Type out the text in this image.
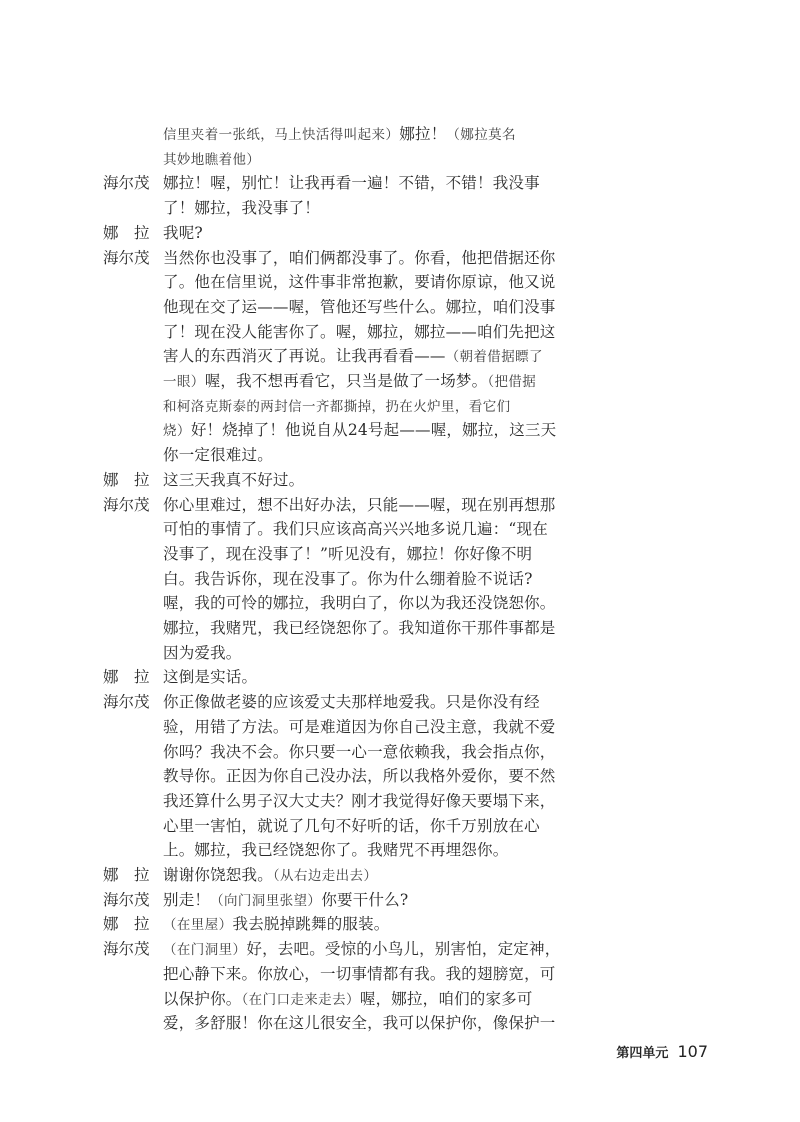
信里夹着一张纸，马上快活得叫起来）娜拉！（娜拉莫名
其妙地瞧着他）
海尔茂 娜拉！喔，别忙！让我再看一遍！不错，不错！我没事
了！娜拉，我没事了！
娜　拉 我呢?
海尔茂 当然你也没事了，咱们俩都没事了。你看，他把借据还你
了。他在信里说，这件事非常抱歉，要请你原谅，他又说
他现在交了运——喔，管他还写些什么。娜拉，咱们没事
了！现在没人能害你了。喔，娜拉，娜拉——咱们先把这
害人的东西消灭了再说。让我再看看——（朝着借据瞟了
一眼）喔，我不想再看它，只当是做了一场梦。（把借据
和柯洛克斯泰的两封信一齐都撕掉，扔在火炉里，看它们
烧）好！烧掉了！他说自从24号起——喔，娜拉，这三天
你一定很难过。
娜　拉 这三天我真不好过。
海尔茂 你心里难过，想不出好办法，只能——喔，现在别再想那
可怕的事情了。我们只应该高高兴兴地多说几遍：“现在
没事了，现在没事了！”听见没有，娜拉！你好像不明
白。我告诉你，现在没事了。你为什么绷着脸不说话?
喔，我的可怜的娜拉，我明白了，你以为我还没饶恕你。
娜拉，我赌咒，我已经饶恕你了。我知道你干那件事都是
因为爱我。
娜　拉 这倒是实话。
海尔茂 你正像做老婆的应该爱丈夫那样地爱我。只是你没有经
验，用错了方法。可是难道因为你自己没主意，我就不爱
你吗？我决不会。你只要一心一意依赖我，我会指点你，
教导你。正因为你自己没办法，所以我格外爱你，要不然
我还算什么男子汉大丈夫？刚才我觉得好像天要塌下来，
心里一害怕，就说了几句不好听的话，你千万别放在心
上。娜拉，我已经饶恕你了。我赌咒不再埋怨你。
娜　拉 谢谢你饶恕我。（从右边走出去）
海尔茂 别走！（向门洞里张望）你要干什么?
娜　拉 （在里屋）我去脱掉跳舞的服装。
海尔茂 （在门洞里）好，去吧。受惊的小鸟儿，别害怕，定定神，
把心静下来。你放心，一切事情都有我。我的翅膀宽，可
以保护你。（在门口走来走去）喔，娜拉，咱们的家多可
爱，多舒服！你在这儿很安全，我可以保护你，像保护一
第四单元 107
